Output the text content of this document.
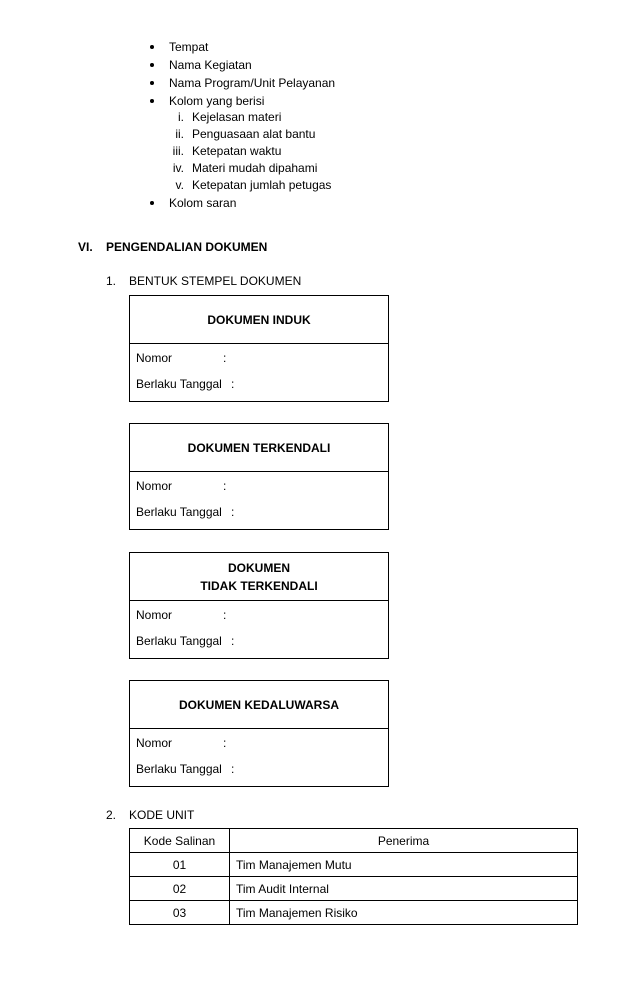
Tempat
Nama Kegiatan
Nama Program/Unit Pelayanan
Kolom yang berisi
i. Kejelasan materi
ii. Penguasaan alat bantu
iii. Ketepatan waktu
iv. Materi mudah dipahami
v. Ketepatan jumlah petugas
Kolom saran
VI. PENGENDALIAN DOKUMEN
1. BENTUK STEMPEL DOKUMEN
DOKUMEN INDUK
Nomor	:
Berlaku Tanggal :
DOKUMEN TERKENDALI
Nomor	:
Berlaku Tanggal :
DOKUMEN
TIDAK TERKENDALI
Nomor	:
Berlaku Tanggal :
DOKUMEN KEDALUWARSA
Nomor	:
Berlaku Tanggal :
2. KODE UNIT
Kode Salinan	Penerima
01	Tim Manajemen Mutu
02	Tim Audit Internal
03	Tim Manajemen Risiko
